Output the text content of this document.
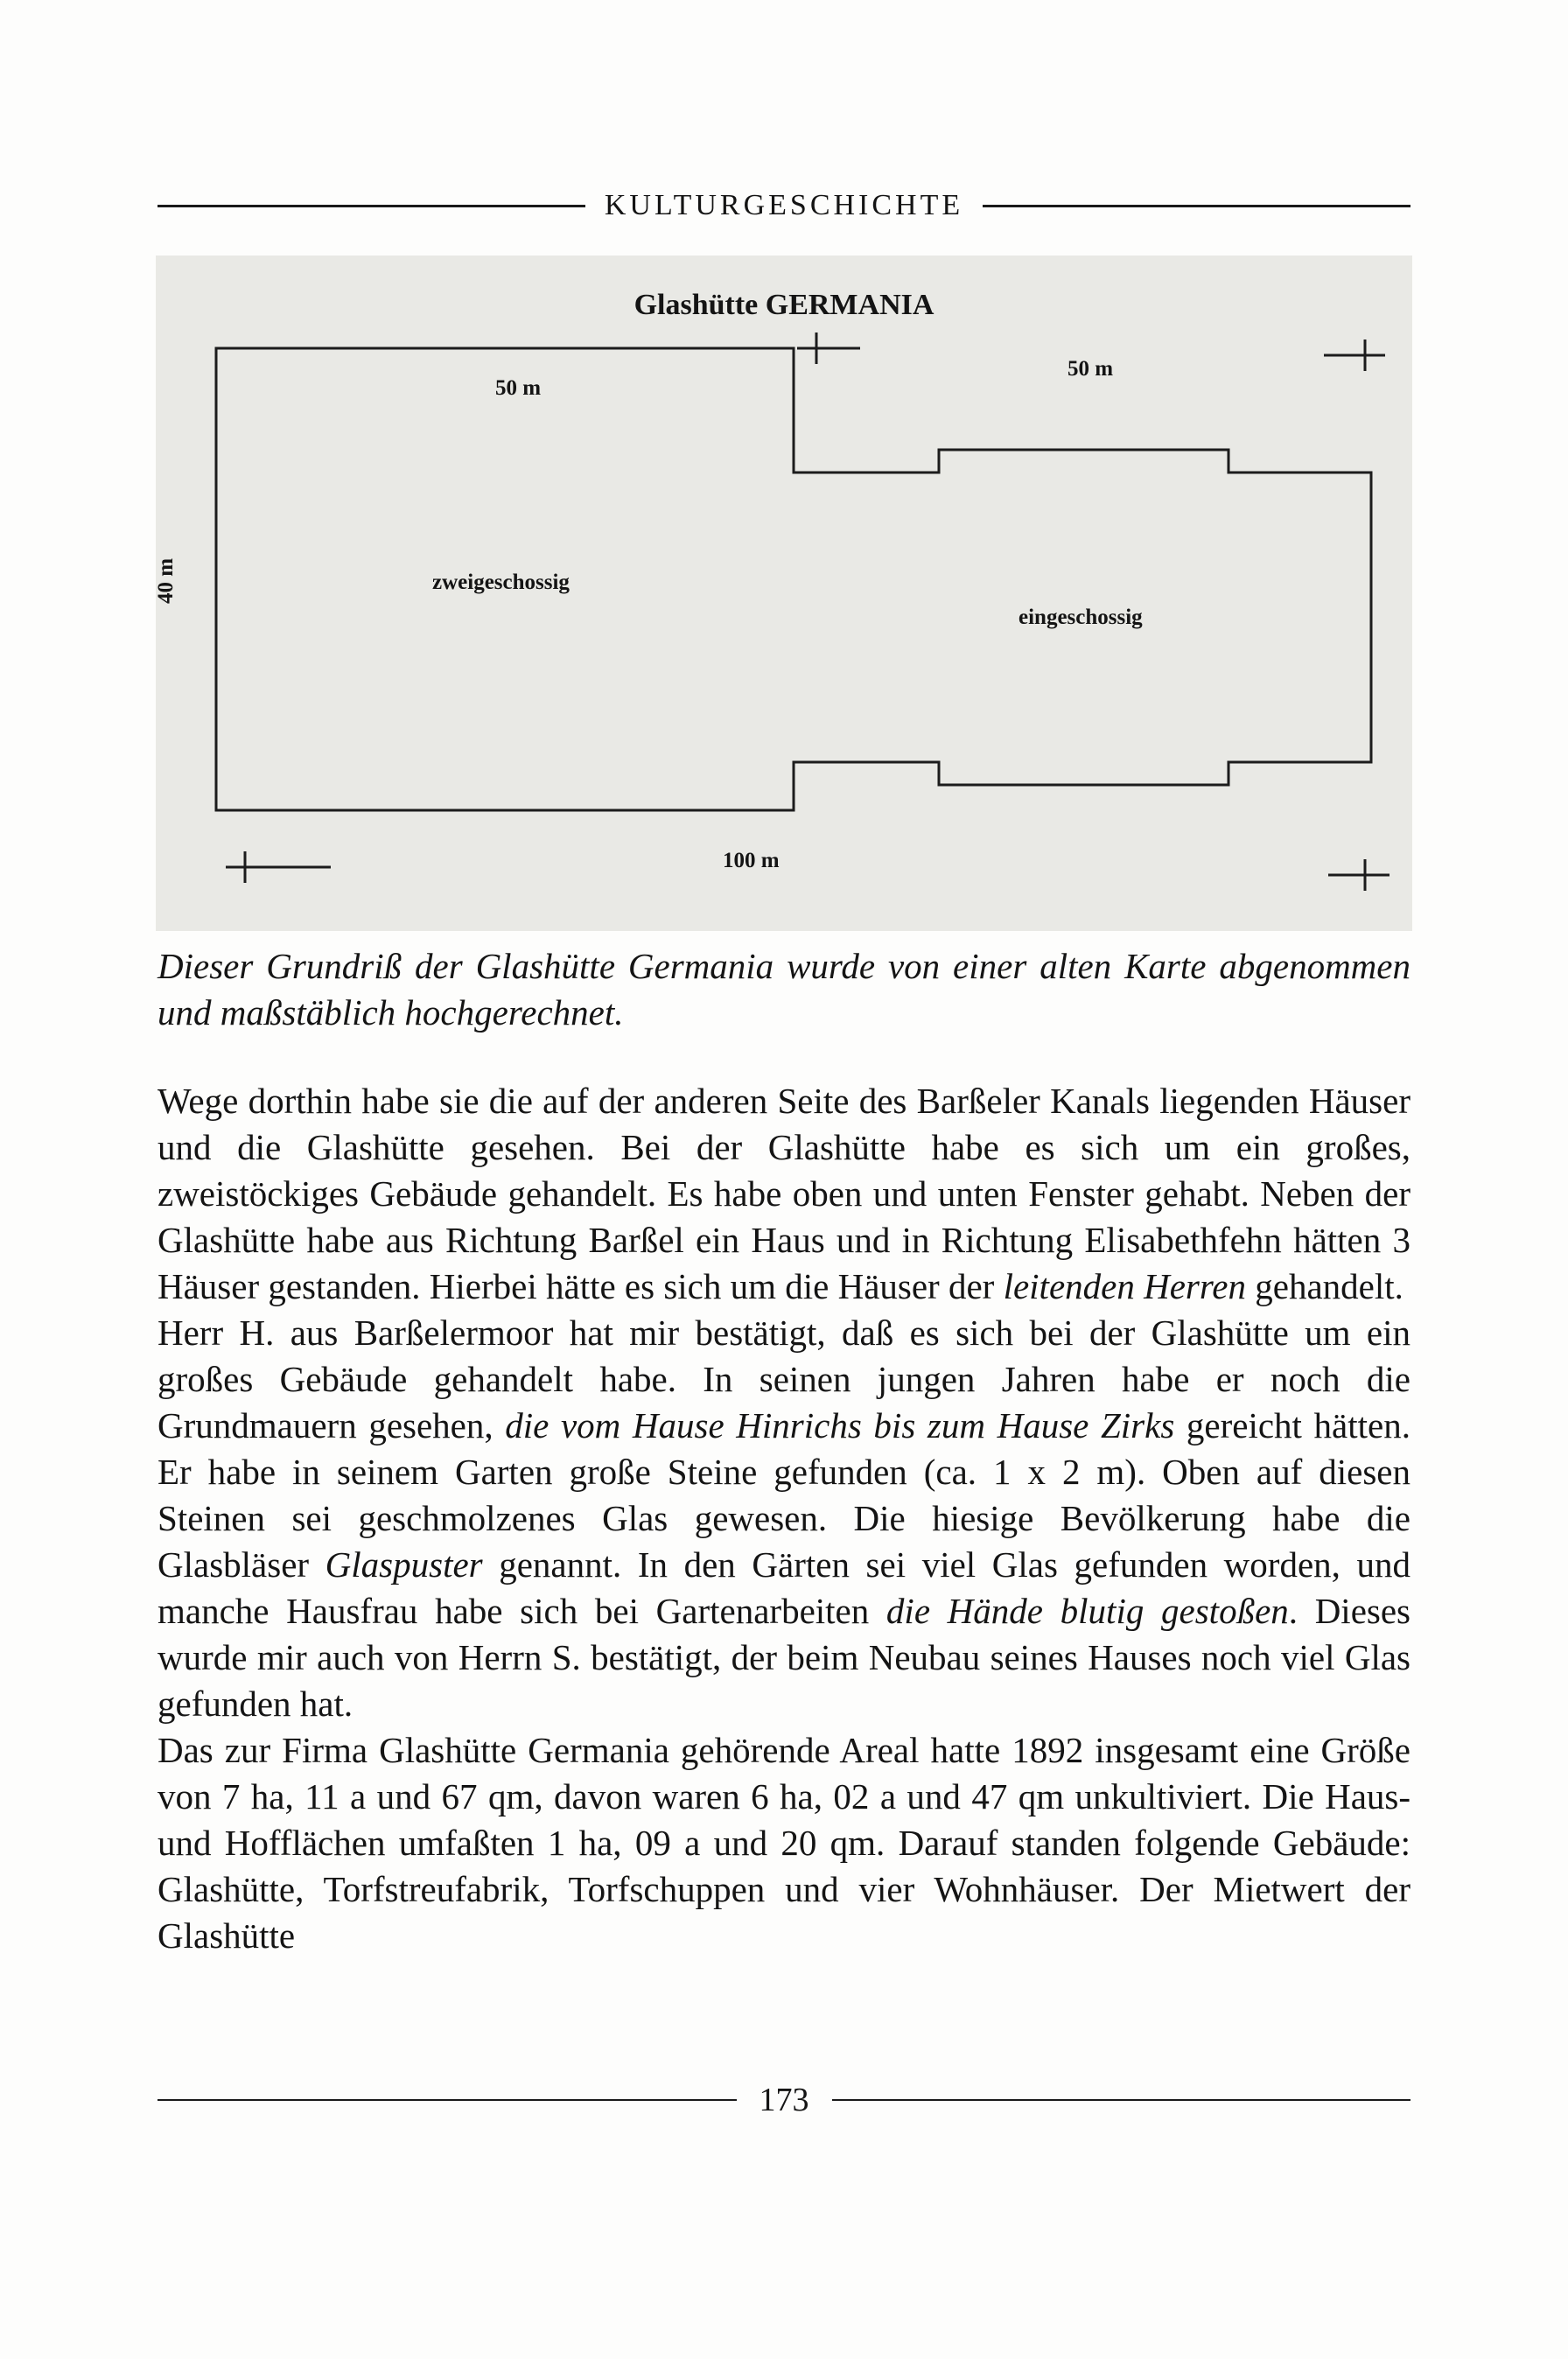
KULTURGESCHICHTE
Glashütte GERMANIA
50 m
50 m
40 m	zweigeschossig
eingeschossig
100 m
Dieser Grundriß der Glashütte Germania wurde von einer alten Karte abgenommen und maßstäblich hochgerechnet.

Wege dorthin habe sie die auf der anderen Seite des Barßeler Kanals liegenden Häuser und die Glashütte gesehen. Bei der Glashütte habe es sich um ein großes, zweistöckiges Gebäude gehandelt. Es habe oben und unten Fenster gehabt. Neben der Glashütte habe aus Richtung Barßel ein Haus und in Richtung Elisabethfehn hätten 3 Häuser gestanden. Hierbei hätte es sich um die Häuser der leitenden Herren gehandelt.

Herr H. aus Barßelermoor hat mir bestätigt, daß es sich bei der Glashütte um ein großes Gebäude gehandelt habe. In seinen jungen Jahren habe er noch die Grundmauern gesehen, die vom Hause Hinrichs bis zum Hause Zirks gereicht hätten. Er habe in seinem Garten große Steine gefunden (ca. 1 x 2 m). Oben auf diesen Steinen sei geschmolzenes Glas gewesen. Die hiesige Bevölkerung habe die Glasbläser Glaspuster genannt. In den Gärten sei viel Glas gefunden worden, und manche Hausfrau habe sich bei Gartenarbeiten die Hände blutig gestoßen. Dieses wurde mir auch von Herrn S. bestätigt, der beim Neubau seines Hauses noch viel Glas gefunden hat.

Das zur Firma Glashütte Germania gehörende Areal hatte 1892 insgesamt eine Größe von 7 ha, 11 a und 67 qm, davon waren 6 ha, 02 a und 47 qm unkultiviert. Die Haus- und Hofflächen umfaßten 1 ha, 09 a und 20 qm. Darauf standen folgende Gebäude: Glashütte, Torfstreufabrik, Torfschuppen und vier Wohnhäuser. Der Mietwert der Glashütte

173
